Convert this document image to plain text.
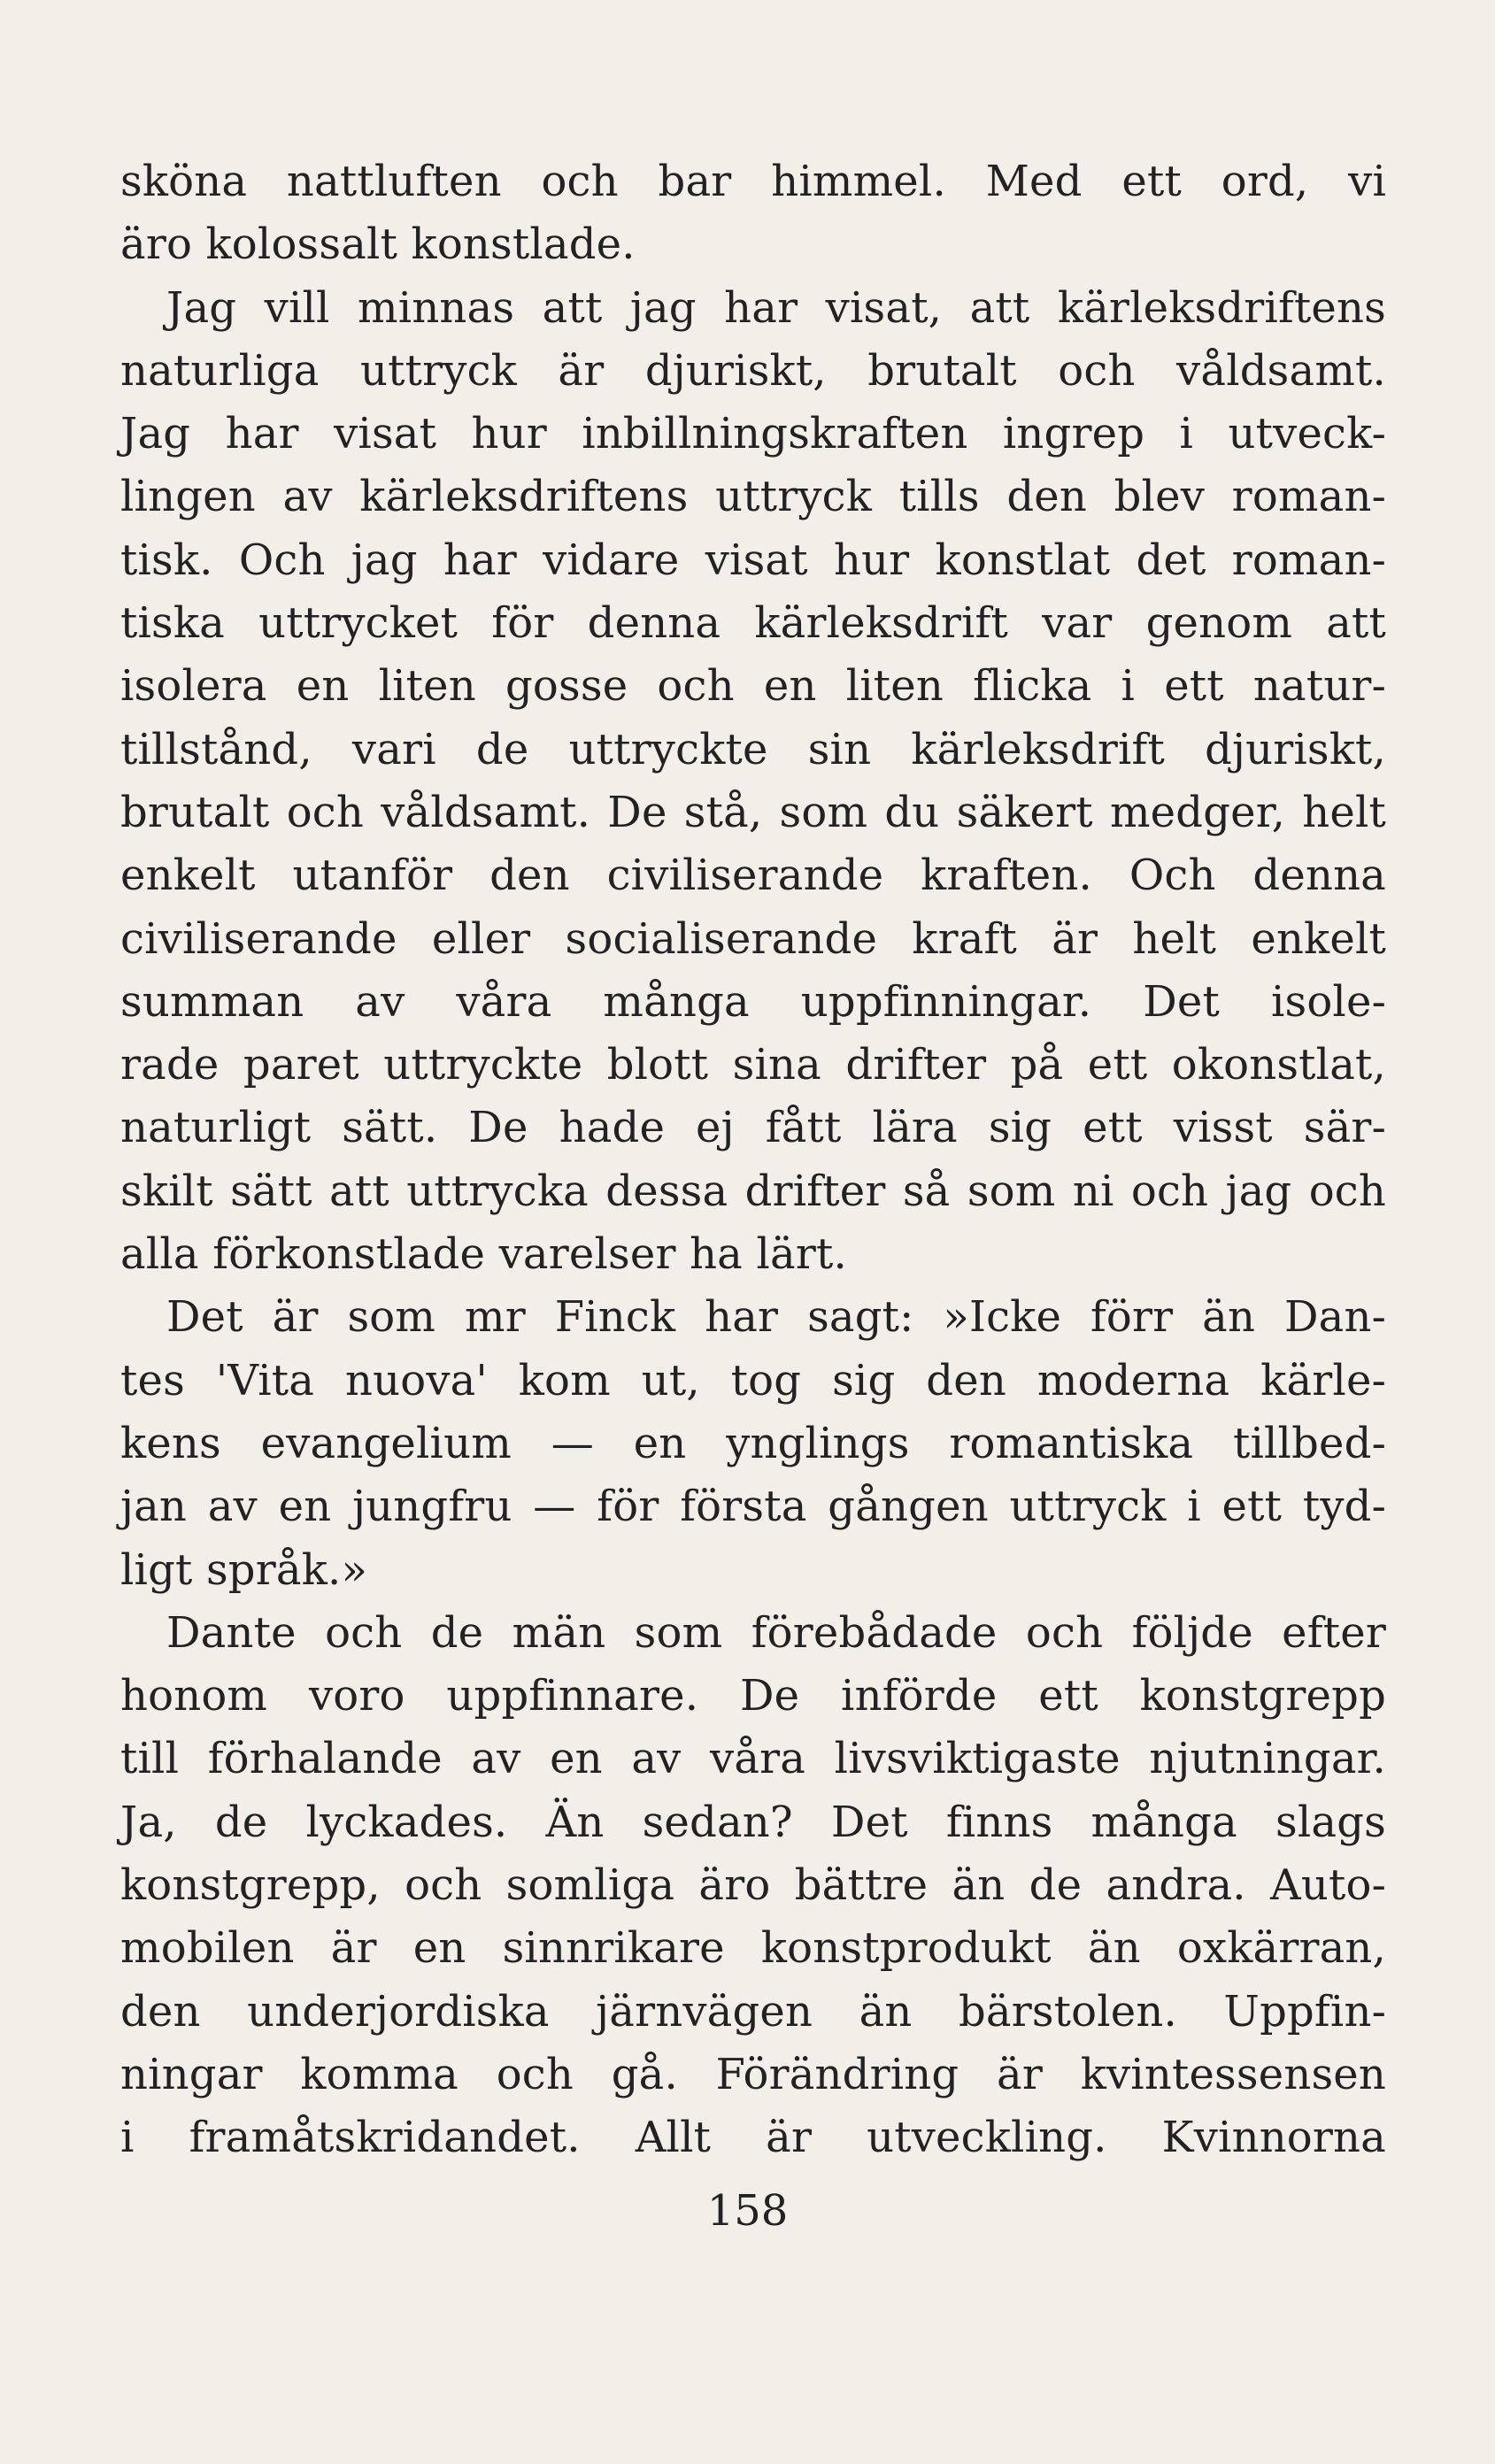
sköna nattluften och bar himmel. Med ett ord, vi
äro kolossalt konstlade.
Jag vill minnas att jag har visat, att kärleksdriftens
naturliga uttryck är djuriskt, brutalt och våldsamt.
Jag har visat hur inbillningskraften ingrep i utveck-
lingen av kärleksdriftens uttryck tills den blev roman-
tisk. Och jag har vidare visat hur konstlat det roman-
tiska uttrycket för denna kärleksdrift var genom att
isolera en liten gosse och en liten flicka i ett natur-
tillstånd, vari de uttryckte sin kärleksdrift djuriskt,
brutalt och våldsamt. De stå, som du säkert medger, helt
enkelt utanför den civiliserande kraften. Och denna
civiliserande eller socialiserande kraft är helt enkelt
summan av våra många uppfinningar. Det isole-
rade paret uttryckte blott sina drifter på ett okonstlat,
naturligt sätt. De hade ej fått lära sig ett visst sär-
skilt sätt att uttrycka dessa drifter så som ni och jag och
alla förkonstlade varelser ha lärt.
Det är som mr Finck har sagt: »Icke förr än Dan-
tes 'Vita nuova' kom ut, tog sig den moderna kärle-
kens evangelium — en ynglings romantiska tillbed-
jan av en jungfru — för första gången uttryck i ett tyd-
ligt språk.»
Dante och de män som förebådade och följde efter
honom voro uppfinnare. De införde ett konstgrepp
till förhalande av en av våra livsviktigaste njutningar.
Ja, de lyckades. Än sedan? Det finns många slags
konstgrepp, och somliga äro bättre än de andra. Auto-
mobilen är en sinnrikare konstprodukt än oxkärran,
den underjordiska järnvägen än bärstolen. Uppfin-
ningar komma och gå. Förändring är kvintessensen
i framåtskridandet. Allt är utveckling. Kvinnorna
158
